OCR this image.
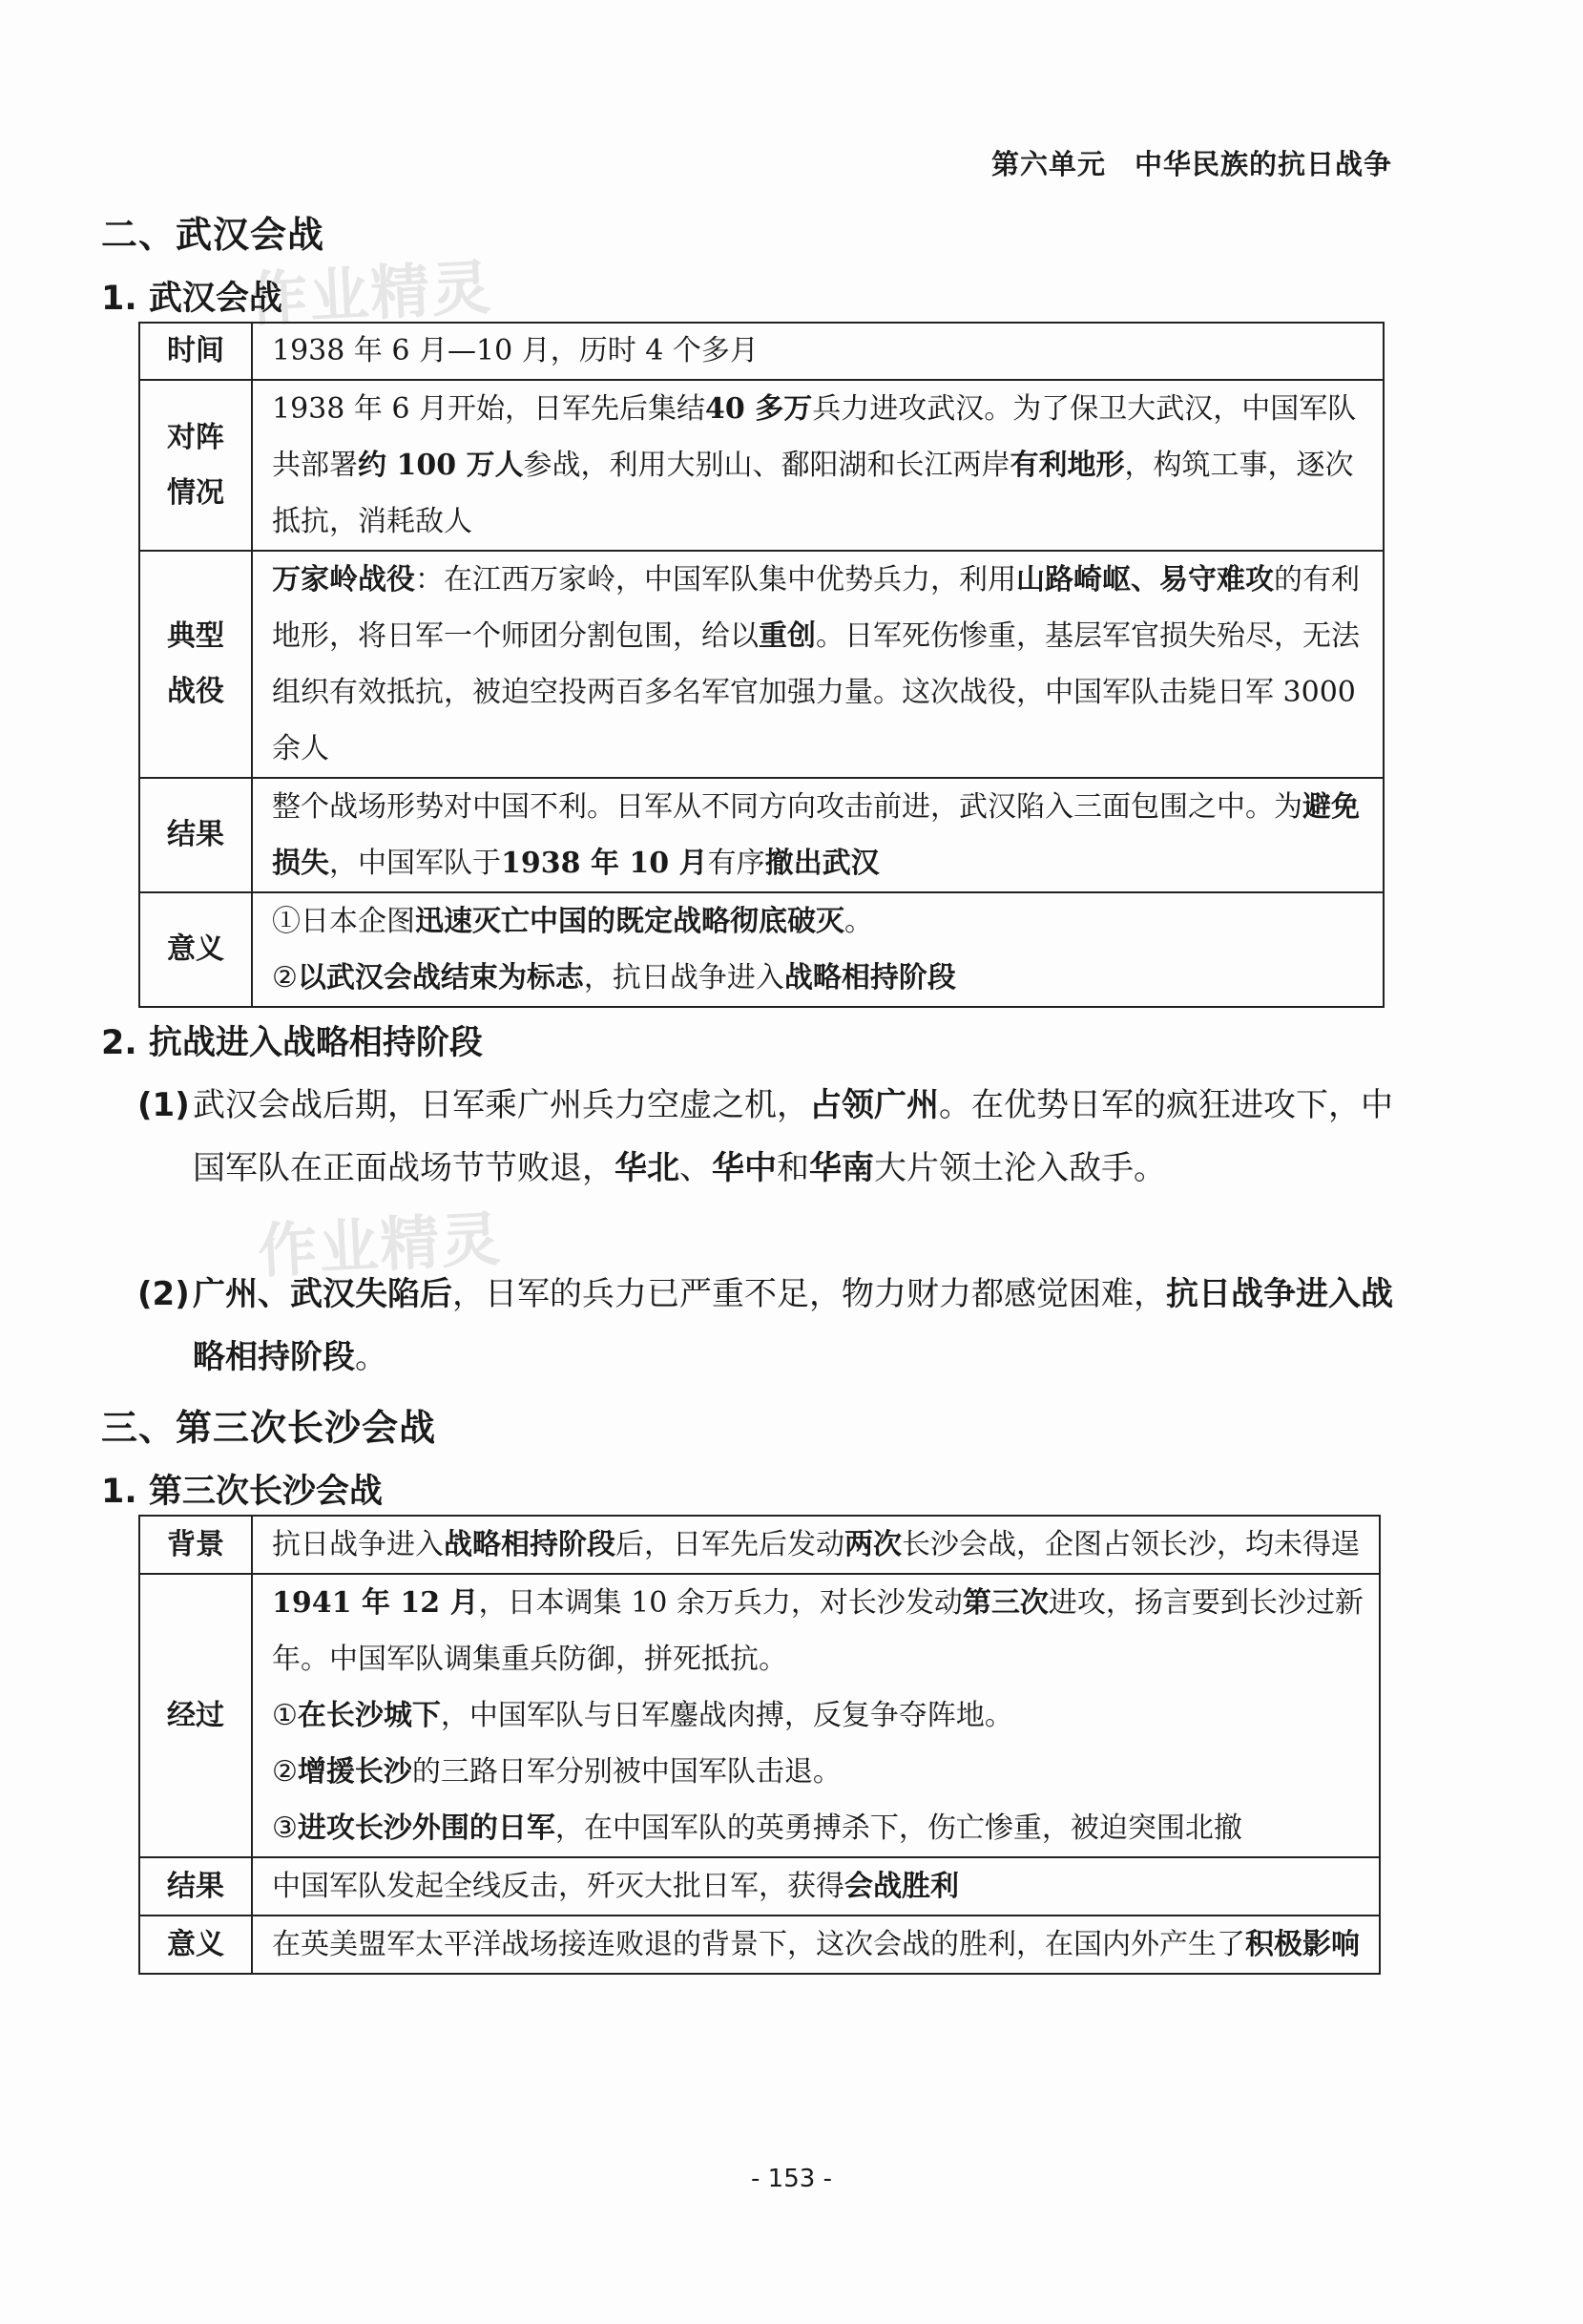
第六单元 中华民族的抗日战争
作业精灵
作业精灵
二、武汉会战
1. 武汉会战
时间	1938 年 6 月—10 月，历时 4 个多月

对阵
情况	1938 年 6 月开始，日军先后集结40 多万兵力进攻武汉。为了保卫大武汉，中国军队共部署约 100 万人参战，利用大别山、鄱阳湖和长江两岸有利地形，构筑工事，逐次抵抗，消耗敌人

典型
战役	万家岭战役：在江西万家岭，中国军队集中优势兵力，利用山路崎岖、易守难攻的有利地形，将日军一个师团分割包围，给以重创。日军死伤惨重，基层军官损失殆尽，无法组织有效抵抗，被迫空投两百多名军官加强力量。这次战役，中国军队击毙日军 3000 余人

结果	整个战场形势对中国不利。日军从不同方向攻击前进，武汉陷入三面包围之中。为避免损失，中国军队于1938 年 10 月有序撤出武汉

意义	①日本企图迅速灭亡中国的既定战略彻底破灭。

②以武汉会战结束为标志，抗日战争进入战略相持阶段

2. 抗战进入战略相持阶段
(1) 武汉会战后期，日军乘广州兵力空虚之机，占领广州。在优势日军的疯狂进攻下，中国军队在正面战场节节败退，华北、华中和华南大片领土沦入敌手。
(2) 广州、武汉失陷后，日军的兵力已严重不足，物力财力都感觉困难，抗日战争进入战略相持阶段。
三、第三次长沙会战
1. 第三次长沙会战
背景	抗日战争进入战略相持阶段后，日军先后发动两次长沙会战，企图占领长沙，均未得逞

经过	1941 年 12 月，日本调集 10 余万兵力，对长沙发动第三次进攻，扬言要到长沙过新年。中国军队调集重兵防御，拼死抵抗。

①在长沙城下，中国军队与日军鏖战肉搏，反复争夺阵地。

②增援长沙的三路日军分别被中国军队击退。

③进攻长沙外围的日军，在中国军队的英勇搏杀下，伤亡惨重，被迫突围北撤

结果	中国军队发起全线反击，歼灭大批日军，获得会战胜利

意义	在英美盟军太平洋战场接连败退的背景下，这次会战的胜利，在国内外产生了积极影响
- 153 -
